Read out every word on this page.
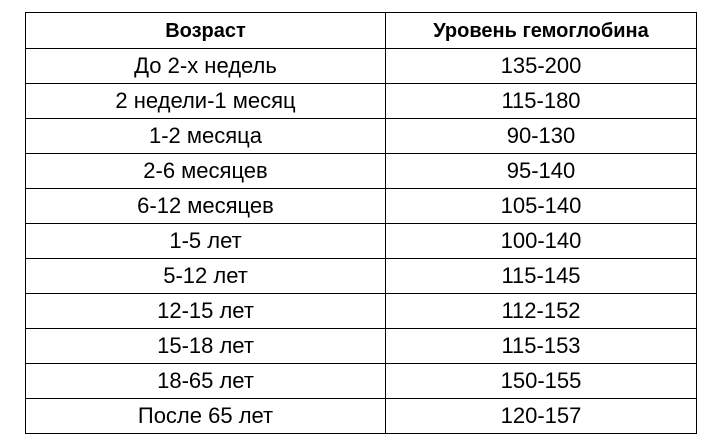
Возраст	Уровень гемоглобина
До 2-х недель	135-200
2 недели-1 месяц	115-180
1-2 месяца	90-130
2-6 месяцев	95-140
6-12 месяцев	105-140
1-5 лет	100-140
5-12 лет	115-145
12-15 лет	112-152
15-18 лет	115-153
18-65 лет	150-155
После 65 лет	120-157
